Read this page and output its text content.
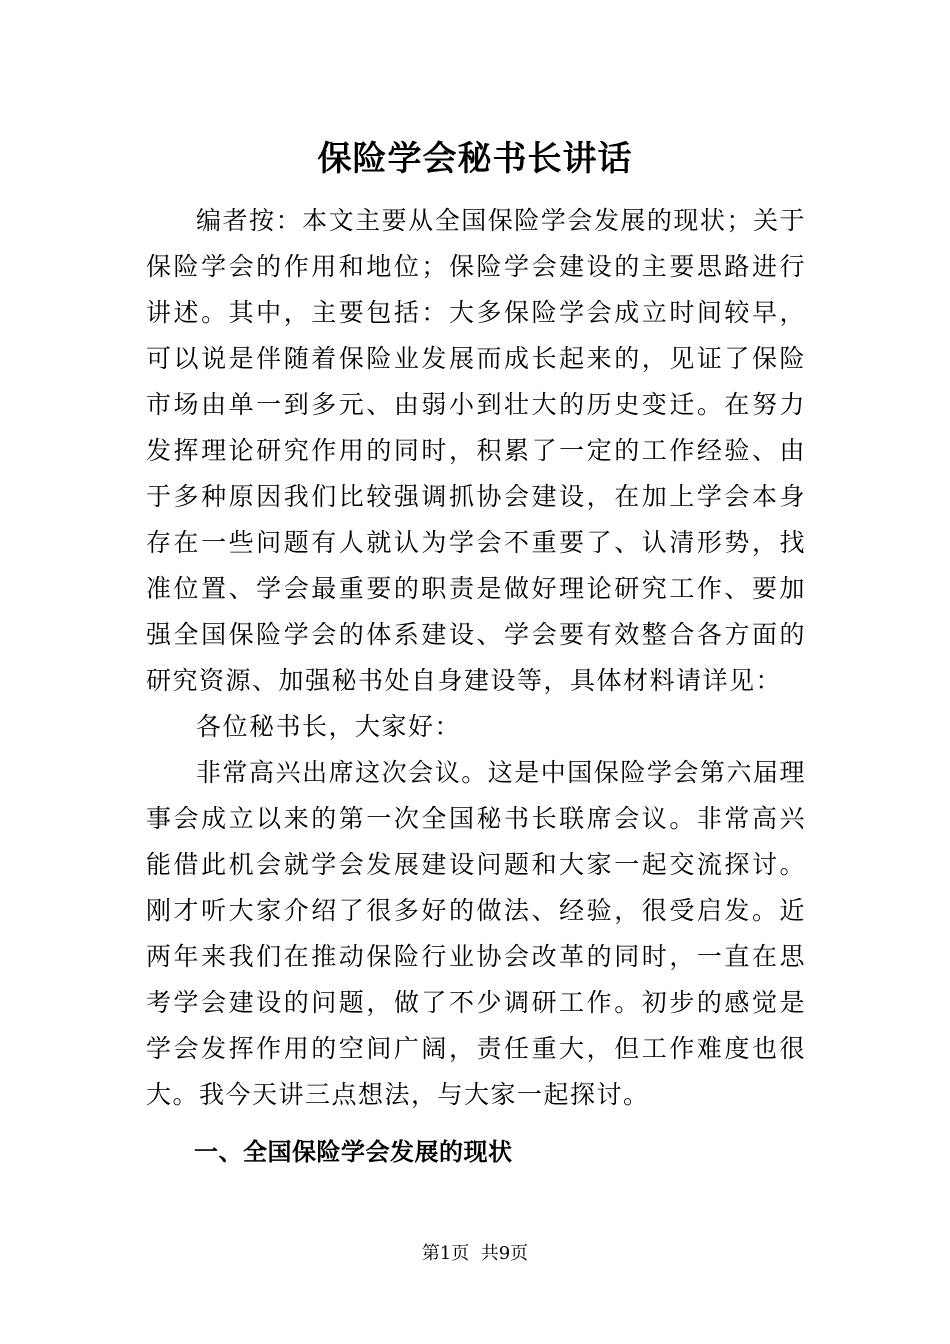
保险学会秘书长讲话

编者按：本文主要从全国保险学会发展的现状；关于保险学会的作用和地位；保险学会建设的主要思路进行讲述。其中，主要包括：大多保险学会成立时间较早，可以说是伴随着保险业发展而成长起来的，见证了保险市场由单一到多元、由弱小到壮大的历史变迁。在努力发挥理论研究作用的同时，积累了一定的工作经验、由于多种原因我们比较强调抓协会建设，在加上学会本身存在一些问题有人就认为学会不重要了、认清形势，找准位置、学会最重要的职责是做好理论研究工作、要加强全国保险学会的体系建设、学会要有效整合各方面的研究资源、加强秘书处自身建设等，具体材料请详见：

各位秘书长，大家好：

非常高兴出席这次会议。这是中国保险学会第六届理事会成立以来的第一次全国秘书长联席会议。非常高兴能借此机会就学会发展建设问题和大家一起交流探讨。刚才听大家介绍了很多好的做法、经验，很受启发。近两年来我们在推动保险行业协会改革的同时，一直在思考学会建设的问题，做了不少调研工作。初步的感觉是学会发挥作用的空间广阔，责任重大，但工作难度也很大。我今天讲三点想法，与大家一起探讨。

一、全国保险学会发展的现状

第1页 共9页
